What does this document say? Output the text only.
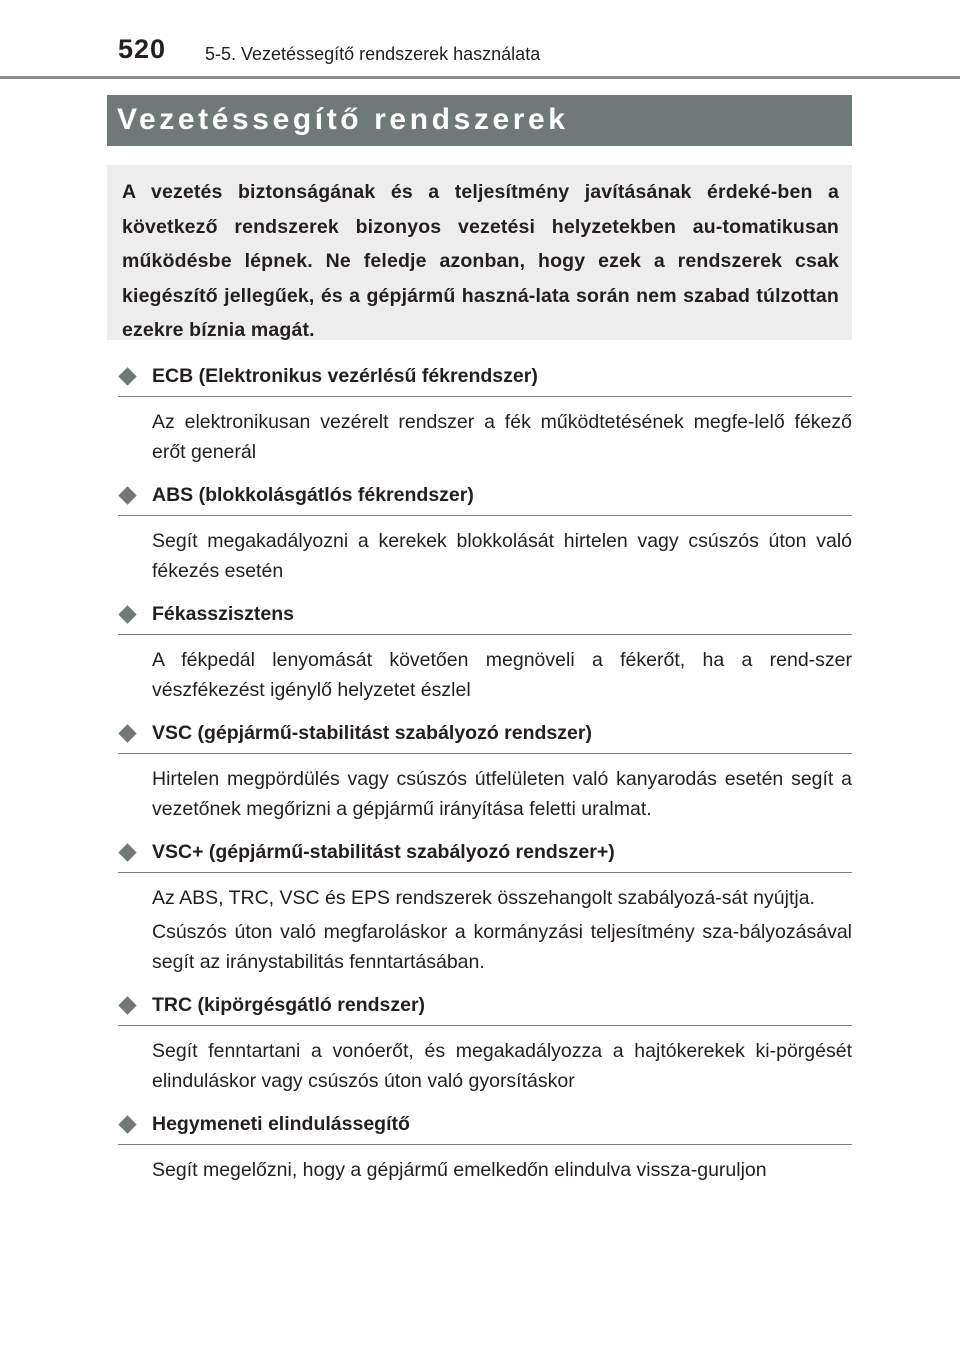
520 5-5. Vezetéssegítő rendszerek használata
Vezetéssegítő rendszerek

A vezetés biztonságának és a teljesítmény javításának érdeké-ben a következő rendszerek bizonyos vezetési helyzetekben au-tomatikusan működésbe lépnek. Ne feledje azonban, hogy ezek a rendszerek csak kiegészítő jellegűek, és a gépjármű haszná-lata során nem szabad túlzottan ezekre bíznia magát.

ECB (Elektronikus vezérlésű fékrendszer)

Az elektronikusan vezérelt rendszer a fék működtetésének megfe-lelő fékező erőt generál

ABS (blokkolásgátlós fékrendszer)

Segít megakadályozni a kerekek blokkolását hirtelen vagy csúszós úton való fékezés esetén

Fékasszisztens

A fékpedál lenyomását követően megnöveli a fékerőt, ha a rend-szer vészfékezést igénylő helyzetet észlel

VSC (gépjármű-stabilitást szabályozó rendszer)

Hirtelen megpördülés vagy csúszós útfelületen való kanyarodás esetén segít a vezetőnek megőrizni a gépjármű irányítása feletti uralmat.

VSC+ (gépjármű-stabilitást szabályozó rendszer+)

Az ABS, TRC, VSC és EPS rendszerek összehangolt szabályozá-sát nyújtja.

Csúszós úton való megfaroláskor a kormányzási teljesítmény sza-bályozásával segít az iránystabilitás fenntartásában.

TRC (kipörgésgátló rendszer)

Segít fenntartani a vonóerőt, és megakadályozza a hajtókerekek ki-pörgését elinduláskor vagy csúszós úton való gyorsításkor

Hegymeneti elindulássegítő

Segít megelőzni, hogy a gépjármű emelkedőn elindulva vissza-guruljon
